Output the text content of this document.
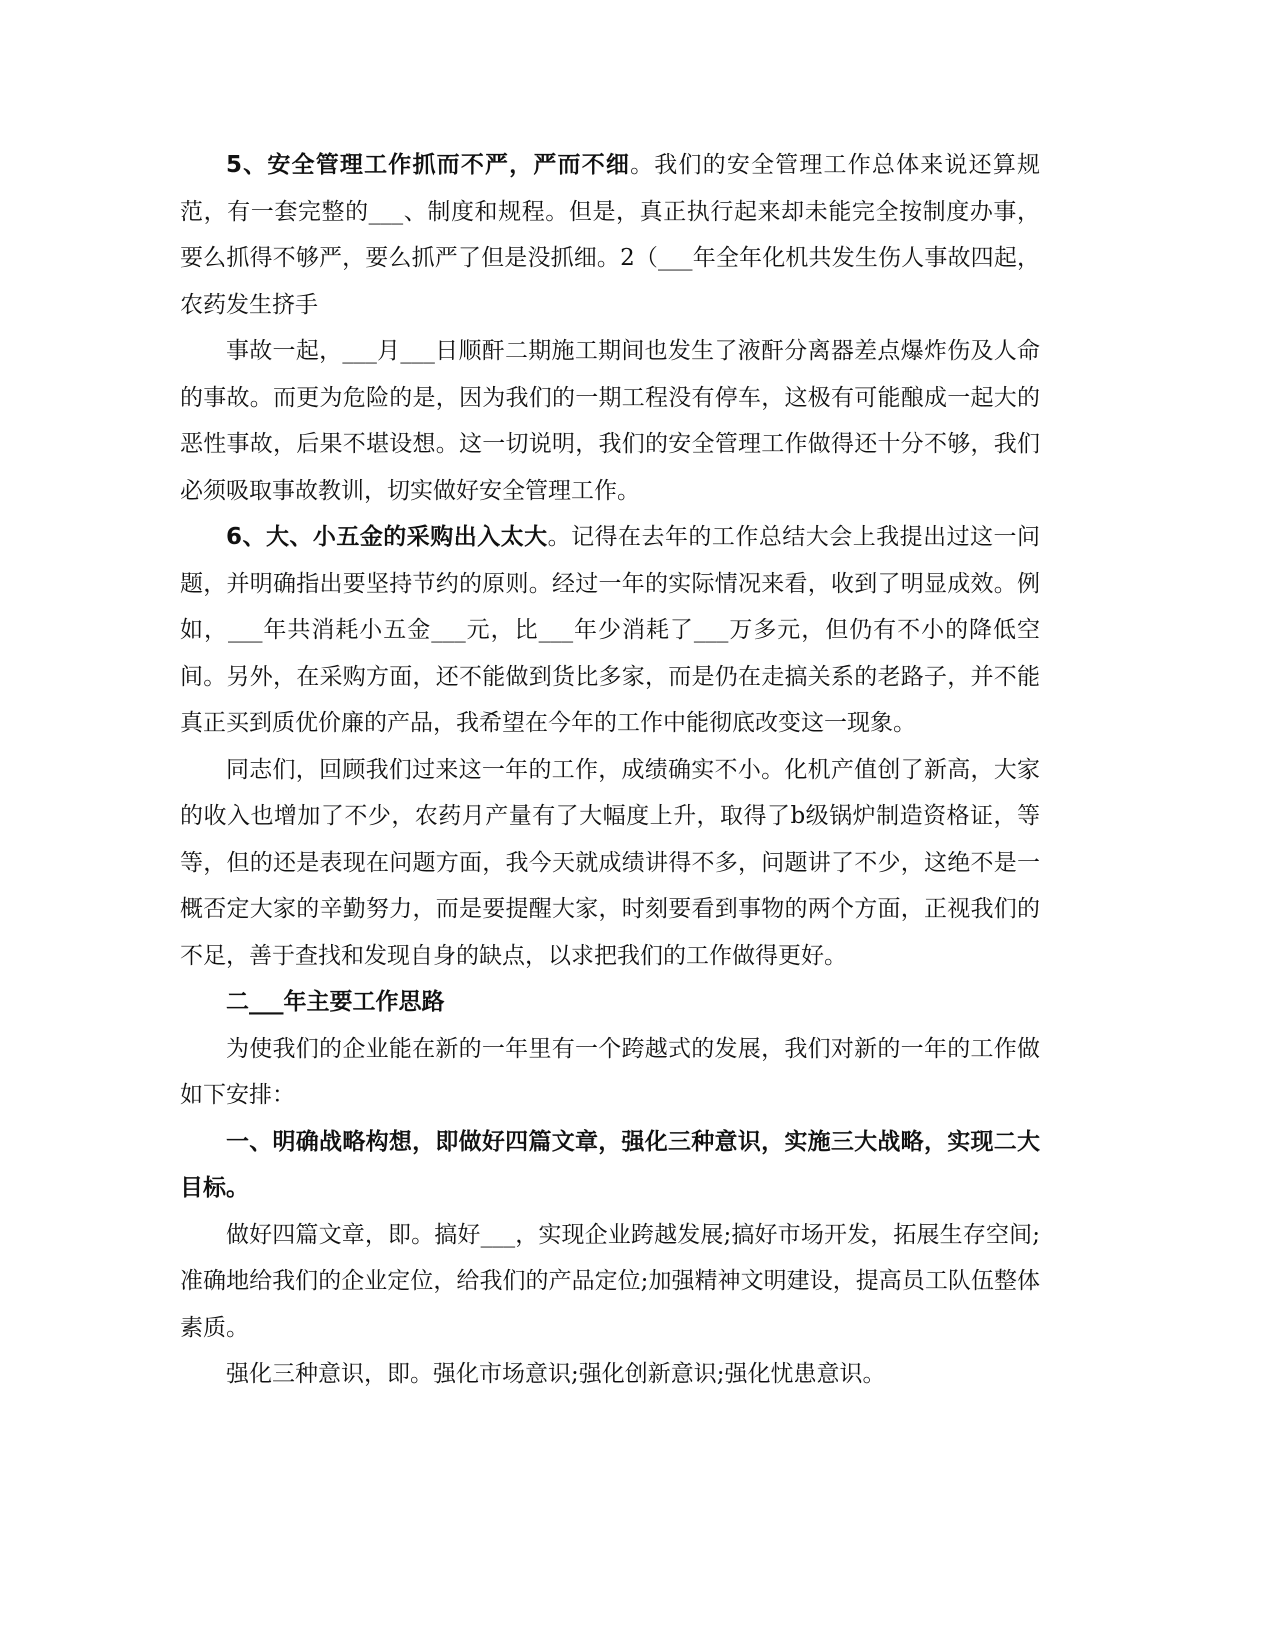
5、安全管理工作抓而不严，严而不细。我们的安全管理工作总体来说还算规范，有一套完整的___、制度和规程。但是，真正执行起来却未能完全按制度办事，要么抓得不够严，要么抓严了但是没抓细。2（___年全年化机共发生伤人事故四起，农药发生挤手

事故一起，___月___日顺酐二期施工期间也发生了液酐分离器差点爆炸伤及人命的事故。而更为危险的是，因为我们的一期工程没有停车，这极有可能酿成一起大的恶性事故，后果不堪设想。这一切说明，我们的安全管理工作做得还十分不够，我们必须吸取事故教训，切实做好安全管理工作。

6、大、小五金的采购出入太大。记得在去年的工作总结大会上我提出过这一问题，并明确指出要坚持节约的原则。经过一年的实际情况来看，收到了明显成效。例如，___年共消耗小五金___元，比___年少消耗了___万多元，但仍有不小的降低空间。另外，在采购方面，还不能做到货比多家，而是仍在走搞关系的老路子，并不能真正买到质优价廉的产品，我希望在今年的工作中能彻底改变这一现象。

同志们，回顾我们过来这一年的工作，成绩确实不小。化机产值创了新高，大家的收入也增加了不少，农药月产量有了大幅度上升，取得了b级锅炉制造资格证，等等，但的还是表现在问题方面，我今天就成绩讲得不多，问题讲了不少，这绝不是一概否定大家的辛勤努力，而是要提醒大家，时刻要看到事物的两个方面，正视我们的不足，善于查找和发现自身的缺点，以求把我们的工作做得更好。

二___年主要工作思路

为使我们的企业能在新的一年里有一个跨越式的发展，我们对新的一年的工作做如下安排：

一、明确战略构想，即做好四篇文章，强化三种意识，实施三大战略，实现二大目标。

做好四篇文章，即。搞好___，实现企业跨越发展;搞好市场开发，拓展生存空间;准确地给我们的企业定位，给我们的产品定位;加强精神文明建设，提高员工队伍整体素质。

强化三种意识，即。强化市场意识;强化创新意识;强化忧患意识。
